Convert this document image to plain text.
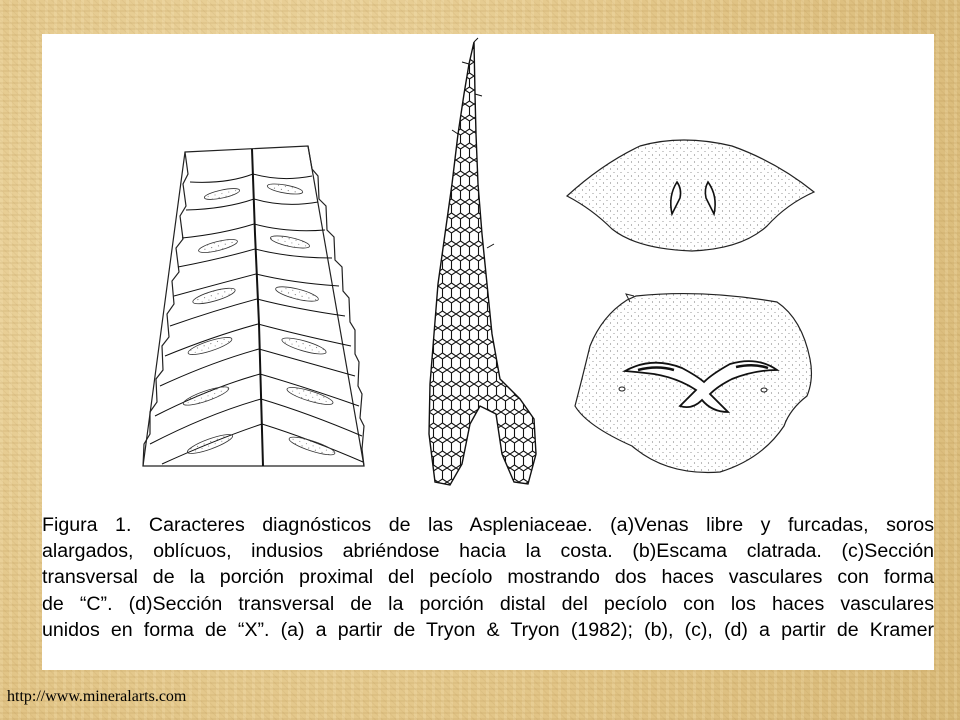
Figura 1. Caracteres diagnósticos de las Aspleniaceae. (a)Venas libre y furcadas, soros
alargados, oblícuos, indusios abriéndose hacia la costa. (b)Escama clatrada. (c)Sección
transversal de la porción proximal del pecíolo mostrando dos haces vasculares con forma
de “C”. (d)Sección transversal de la porción distal del pecíolo con los haces vasculares
unidos en forma de “X”. (a) a partir de Tryon & Tryon (1982); (b), (c), (d) a partir de Kramer
http://www.mineralarts.com
